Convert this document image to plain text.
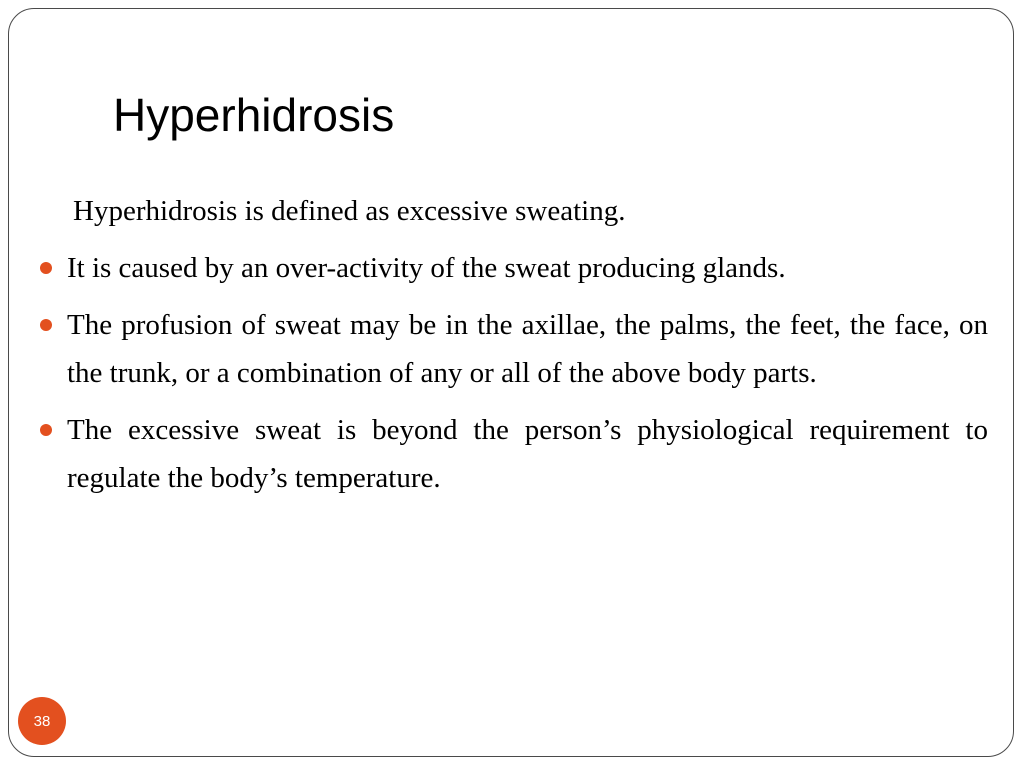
Hyperhidrosis

Hyperhidrosis is defined as excessive sweating.

It is caused by an over-activity of the sweat producing glands.
The profusion of sweat may be in the axillae, the palms, the feet, the face, on the trunk, or a combination of any or all of the above body parts.
The excessive sweat is beyond the person’s physiological requirement to regulate the body’s temperature.
38
